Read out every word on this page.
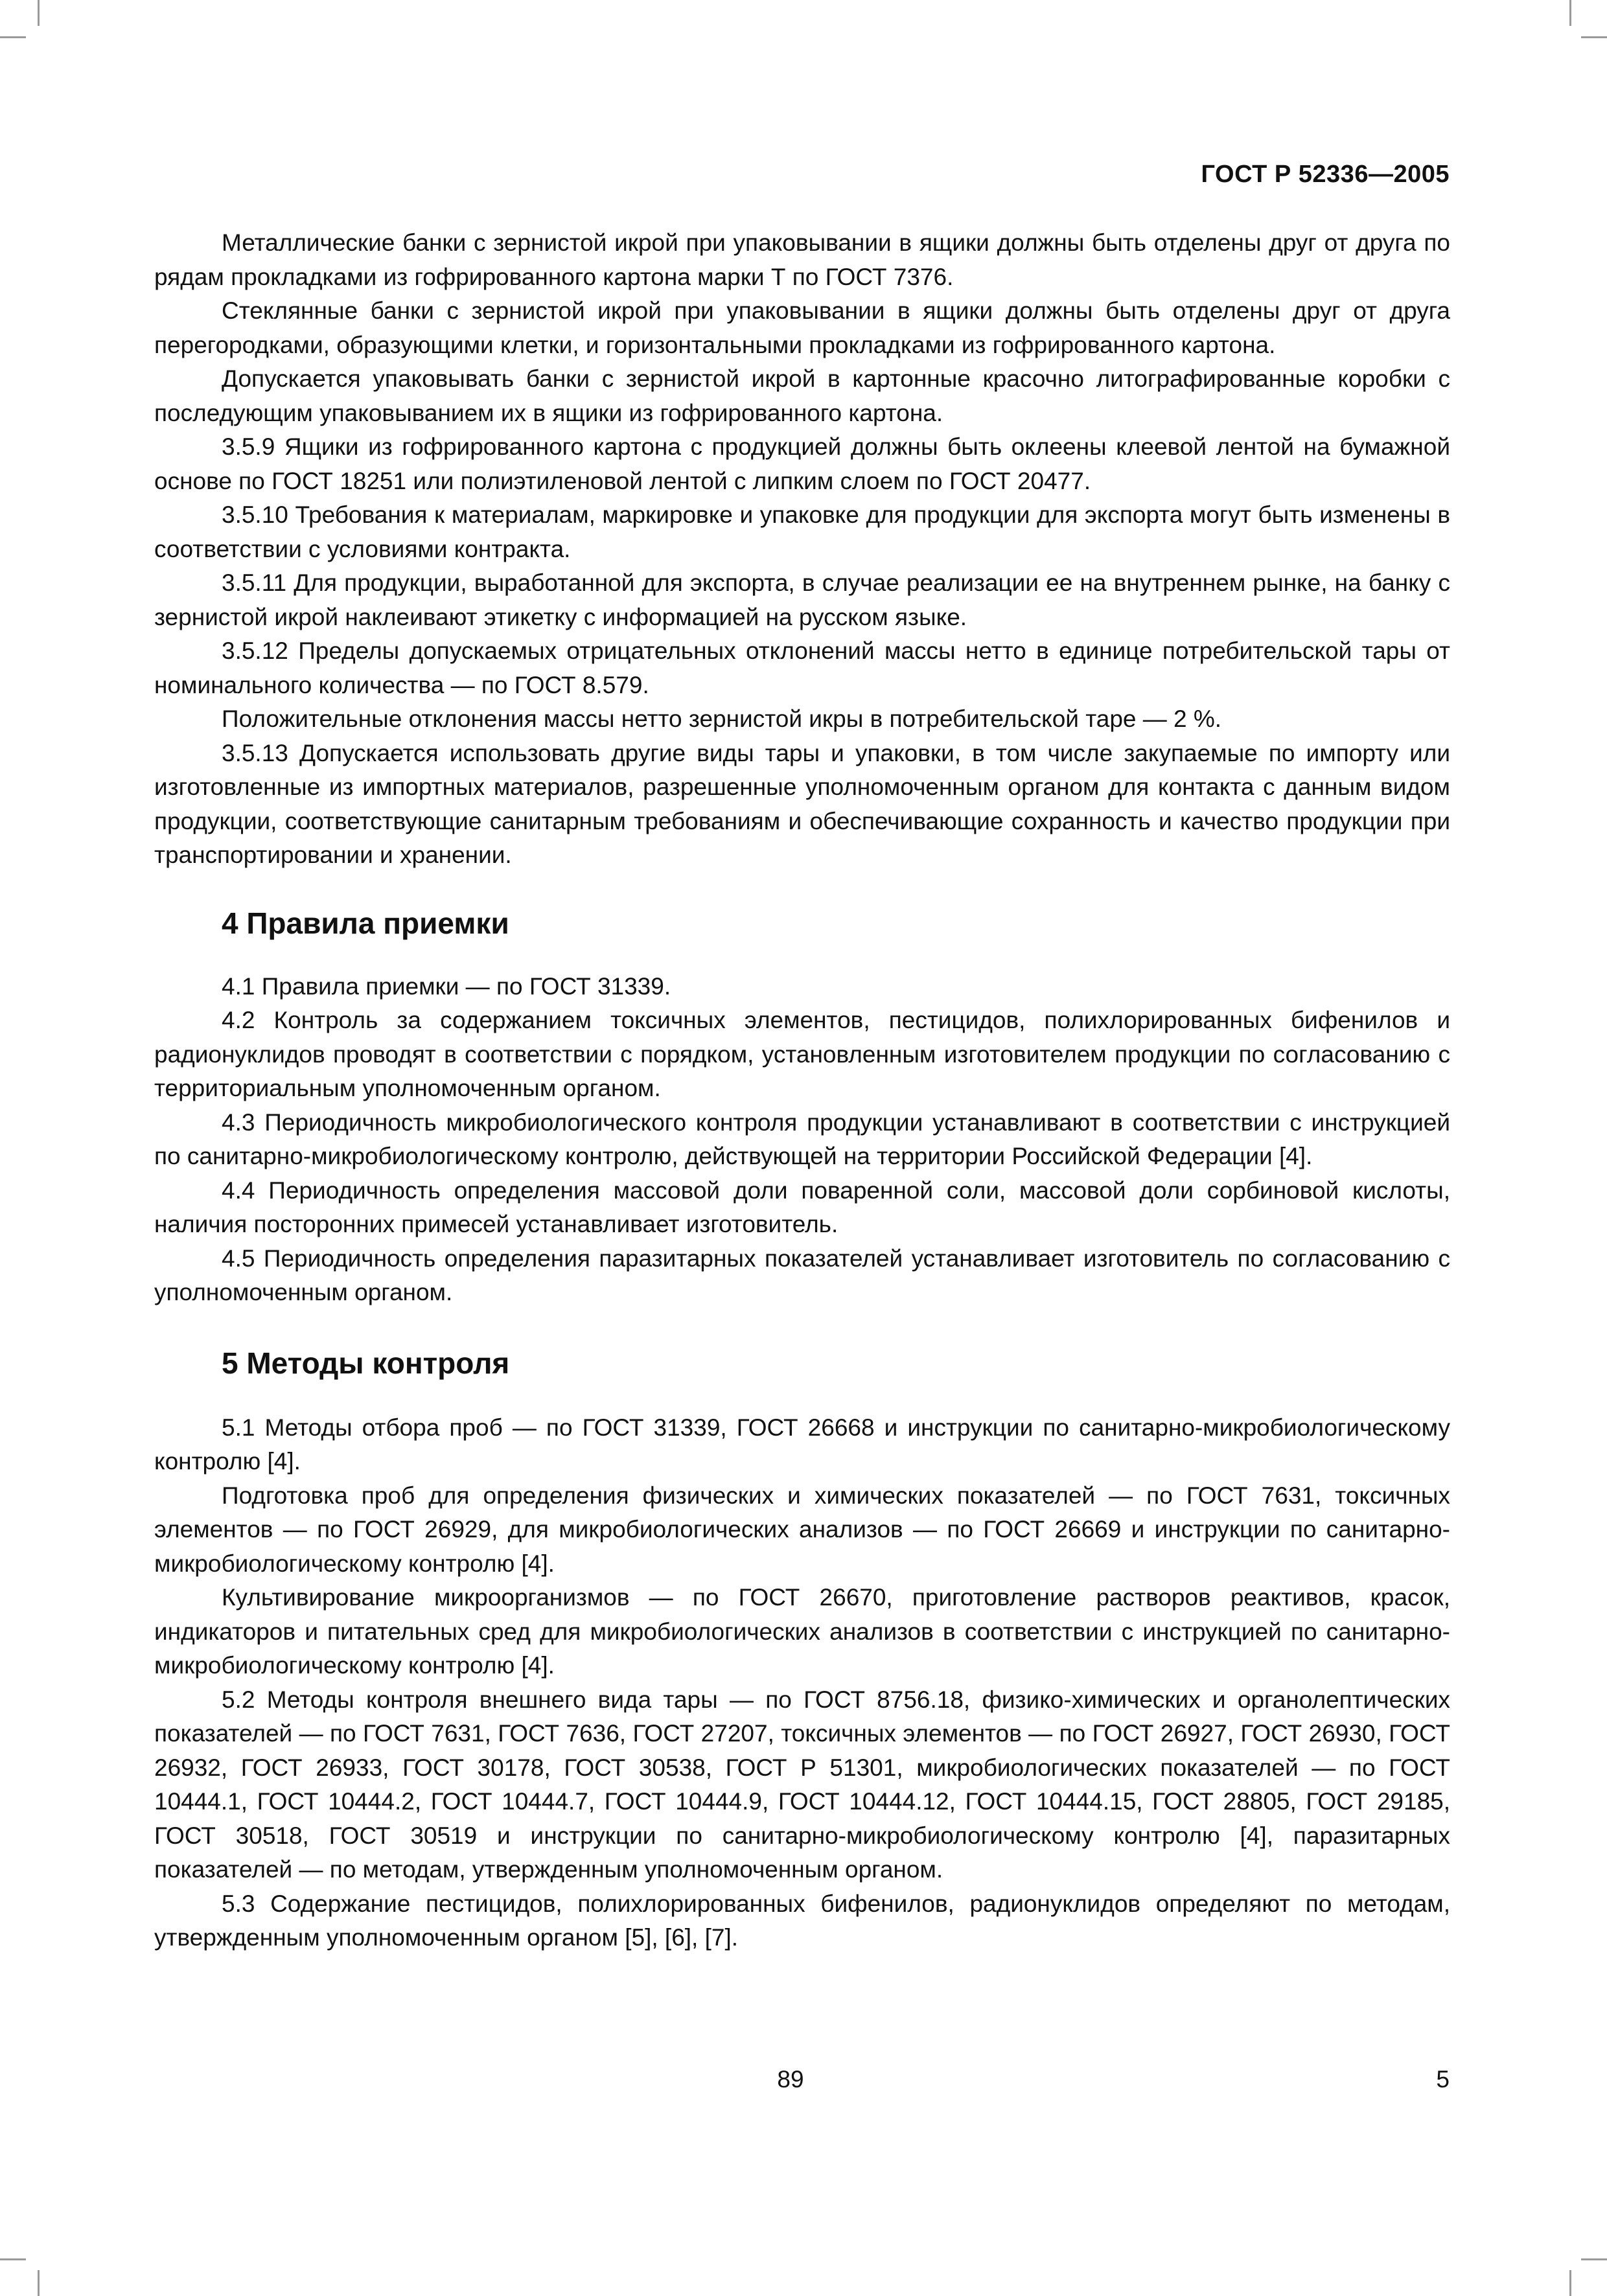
ГОСТ Р 52336—2005

Металлические банки с зернистой икрой при упаковывании в ящики должны быть отделены друг от друга по рядам прокладками из гофрированного картона марки Т по ГОСТ 7376.

Стеклянные банки с зернистой икрой при упаковывании в ящики должны быть отделены друг от друга перегородками, образующими клетки, и горизонтальными прокладками из гофрированного картона.

Допускается упаковывать банки с зернистой икрой в картонные красочно литографированные коробки с последующим упаковыванием их в ящики из гофрированного картона.

3.5.9 Ящики из гофрированного картона с продукцией должны быть оклеены клеевой лентой на бумажной основе по ГОСТ 18251 или полиэтиленовой лентой с липким слоем по ГОСТ 20477.

3.5.10 Требования к материалам, маркировке и упаковке для продукции для экспорта могут быть изменены в соответствии с условиями контракта.

3.5.11 Для продукции, выработанной для экспорта, в случае реализации ее на внутреннем рынке, на банку с зернистой икрой наклеивают этикетку с информацией на русском языке.

3.5.12 Пределы допускаемых отрицательных отклонений массы нетто в единице потребительской тары от номинального количества — по ГОСТ 8.579.

Положительные отклонения массы нетто зернистой икры в потребительской таре — 2 %.

3.5.13 Допускается использовать другие виды тары и упаковки, в том числе закупаемые по импорту или изготовленные из импортных материалов, разрешенные уполномоченным органом для контакта с данным видом продукции, соответствующие санитарным требованиям и обеспечивающие сохранность и качество продукции при транспортировании и хранении.

4 Правила приемки

4.1 Правила приемки — по ГОСТ 31339.

4.2 Контроль за содержанием токсичных элементов, пестицидов, полихлорированных бифенилов и радионуклидов проводят в соответствии с порядком, установленным изготовителем продукции по согласованию с территориальным уполномоченным органом.

4.3 Периодичность микробиологического контроля продукции устанавливают в соответствии с инструкцией по санитарно-микробиологическому контролю, действующей на территории Российской Федерации [4].

4.4 Периодичность определения массовой доли поваренной соли, массовой доли сорбиновой кислоты, наличия посторонних примесей устанавливает изготовитель.

4.5 Периодичность определения паразитарных показателей устанавливает изготовитель по согласованию с уполномоченным органом.

5 Методы контроля

5.1 Методы отбора проб — по ГОСТ 31339, ГОСТ 26668 и инструкции по санитарно-микробиологическому контролю [4].

Подготовка проб для определения физических и химических показателей — по ГОСТ 7631, токсичных элементов — по ГОСТ 26929, для микробиологических анализов — по ГОСТ 26669 и инструкции по санитарно-микробиологическому контролю [4].

Культивирование микроорганизмов — по ГОСТ 26670, приготовление растворов реактивов, красок, индикаторов и питательных сред для микробиологических анализов в соответствии с инструкцией по санитарно-микробиологическому контролю [4].

5.2 Методы контроля внешнего вида тары — по ГОСТ 8756.18, физико-химических и органолептических показателей — по ГОСТ 7631, ГОСТ 7636, ГОСТ 27207, токсичных элементов — по ГОСТ 26927, ГОСТ 26930, ГОСТ 26932, ГОСТ 26933, ГОСТ 30178, ГОСТ 30538, ГОСТ Р 51301, микробиологических показателей — по ГОСТ 10444.1, ГОСТ 10444.2, ГОСТ 10444.7, ГОСТ 10444.9, ГОСТ 10444.12, ГОСТ 10444.15, ГОСТ 28805, ГОСТ 29185, ГОСТ 30518, ГОСТ 30519 и инструкции по санитарно-микробиологическому контролю [4], паразитарных показателей — по методам, утвержденным уполномоченным органом.

5.3 Содержание пестицидов, полихлорированных бифенилов, радионуклидов определяют по методам, утвержденным уполномоченным органом [5], [6], [7].

89	5
